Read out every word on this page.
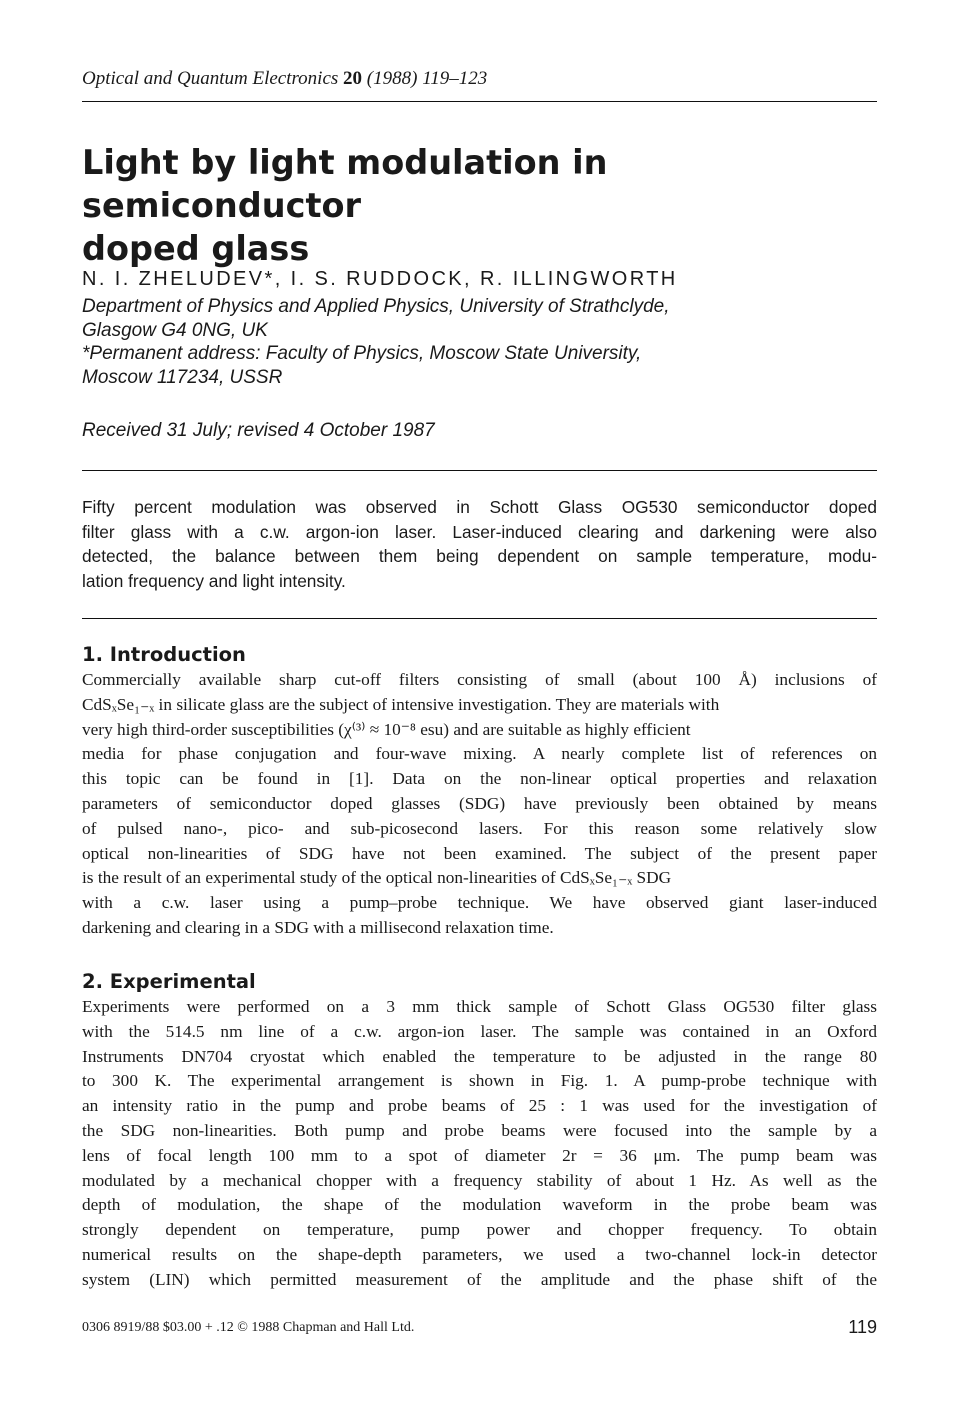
Optical and Quantum Electronics 20 (1988) 119–123
Light by light modulation in semiconductor
doped glass
N. I. ZHELUDEV*, I. S. RUDDOCK, R. ILLINGWORTH
Department of Physics and Applied Physics, University of Strathclyde,
Glasgow G4 0NG, UK
*Permanent address: Faculty of Physics, Moscow State University,
Moscow 117234, USSR
Received 31 July; revised 4 October 1987
Fifty percent modulation was observed in Schott Glass OG530 semiconductor doped
filter glass with a c.w. argon-ion laser. Laser-induced clearing and darkening were also
detected, the balance between them being dependent on sample temperature, modu-
lation frequency and light intensity.
1. Introduction
Commercially available sharp cut-off filters consisting of small (about 100 Å) inclusions of
CdSₓSe₁₋ₓ in silicate glass are the subject of intensive investigation. They are materials with
very high third-order susceptibilities (χ⁽³⁾ ≈ 10⁻⁸ esu) and are suitable as highly efficient
media for phase conjugation and four-wave mixing. A nearly complete list of references on
this topic can be found in [1]. Data on the non-linear optical properties and relaxation
parameters of semiconductor doped glasses (SDG) have previously been obtained by means
of pulsed nano-, pico- and sub-picosecond lasers. For this reason some relatively slow
optical non-linearities of SDG have not been examined. The subject of the present paper
is the result of an experimental study of the optical non-linearities of CdSₓSe₁₋ₓ SDG
with a c.w. laser using a pump–probe technique. We have observed giant laser-induced
darkening and clearing in a SDG with a millisecond relaxation time.
2. Experimental
Experiments were performed on a 3 mm thick sample of Schott Glass OG530 filter glass
with the 514.5 nm line of a c.w. argon-ion laser. The sample was contained in an Oxford
Instruments DN704 cryostat which enabled the temperature to be adjusted in the range 80
to 300 K. The experimental arrangement is shown in Fig. 1. A pump-probe technique with
an intensity ratio in the pump and probe beams of 25 : 1 was used for the investigation of
the SDG non-linearities. Both pump and probe beams were focused into the sample by a
lens of focal length 100 mm to a spot of diameter 2r = 36 μm. The pump beam was
modulated by a mechanical chopper with a frequency stability of about 1 Hz. As well as the
depth of modulation, the shape of the modulation waveform in the probe beam was
strongly dependent on temperature, pump power and chopper frequency. To obtain
numerical results on the shape-depth parameters, we used a two-channel lock-in detector
system (LIN) which permitted measurement of the amplitude and the phase shift of the
0306 8919/88 $03.00 + .12 © 1988 Chapman and Hall Ltd.	119
